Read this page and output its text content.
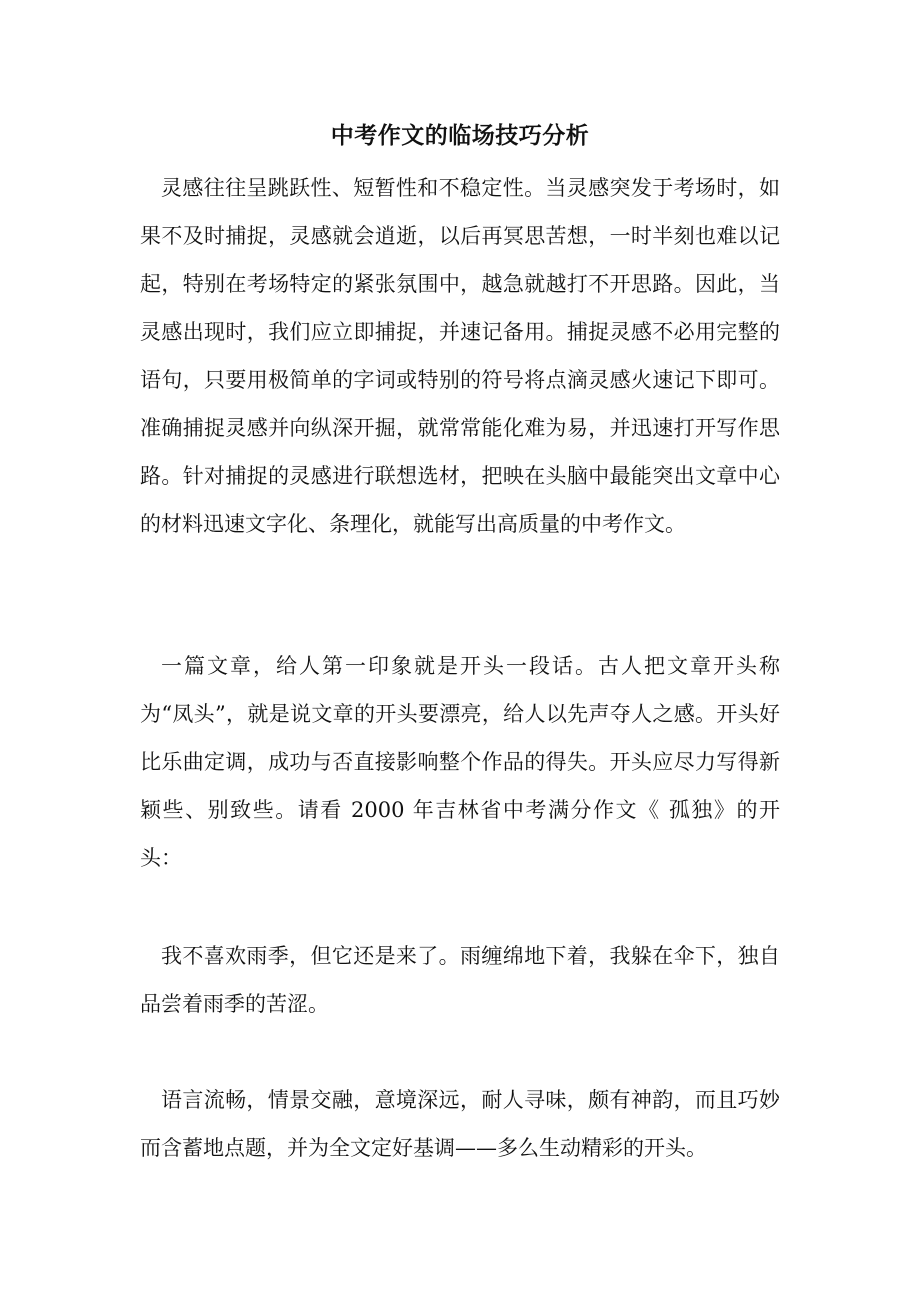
中考作文的临场技巧分析

灵感往往呈跳跃性、短暂性和不稳定性。当灵感突发于考场时，如果不及时捕捉，灵感就会逍逝，以后再冥思苦想，一时半刻也难以记起，特别在考场特定的紧张氛围中，越急就越打不开思路。因此，当灵感出现时，我们应立即捕捉，并速记备用。捕捉灵感不必用完整的语句，只要用极简单的字词或特别的符号将点滴灵感火速记下即可。准确捕捉灵感并向纵深开掘，就常常能化难为易，并迅速打开写作思路。针对捕捉的灵感进行联想选材，把映在头脑中最能突出文章中心的材料迅速文字化、条理化，就能写出高质量的中考作文。

一篇文章，给人第一印象就是开头一段话。古人把文章开头称为“凤头”，就是说文章的开头要漂亮，给人以先声夺人之感。开头好比乐曲定调，成功与否直接影响整个作品的得失。开头应尽力写得新颖些、别致些。请看 2000 年吉林省中考满分作文《 孤独》的开头：

我不喜欢雨季，但它还是来了。雨缠绵地下着，我躲在伞下，独自品尝着雨季的苦涩。

语言流畅，情景交融，意境深远，耐人寻味，颇有神韵，而且巧妙而含蓄地点题，并为全文定好基调——多么生动精彩的开头。
